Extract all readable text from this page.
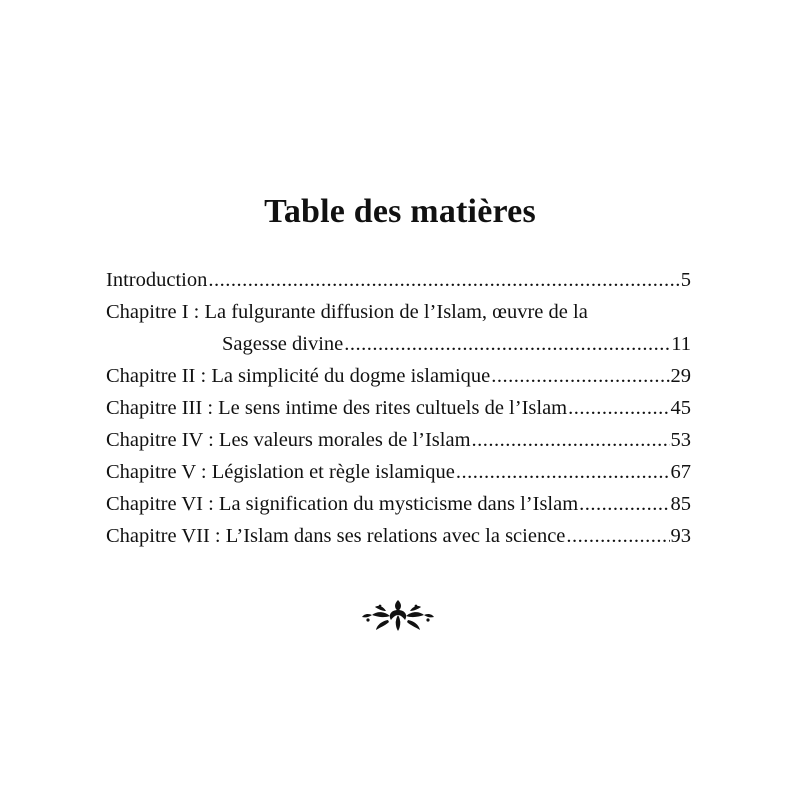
Table des matières
Introduction .....	5
Chapitre I : La fulgurante diffusion de l’Islam, œuvre de la
Sagesse divine .....	11
Chapitre II : La simplicité du dogme islamique .....	29
Chapitre III : Le sens intime des rites cultuels de l’Islam .....	45
Chapitre IV : Les valeurs morales de l’Islam .....	53
Chapitre V : Législation et règle islamique .....	67
Chapitre VI : La signification du mysticisme dans l’Islam .....	85
Chapitre VII : L’Islam dans ses relations avec la science .....	93
